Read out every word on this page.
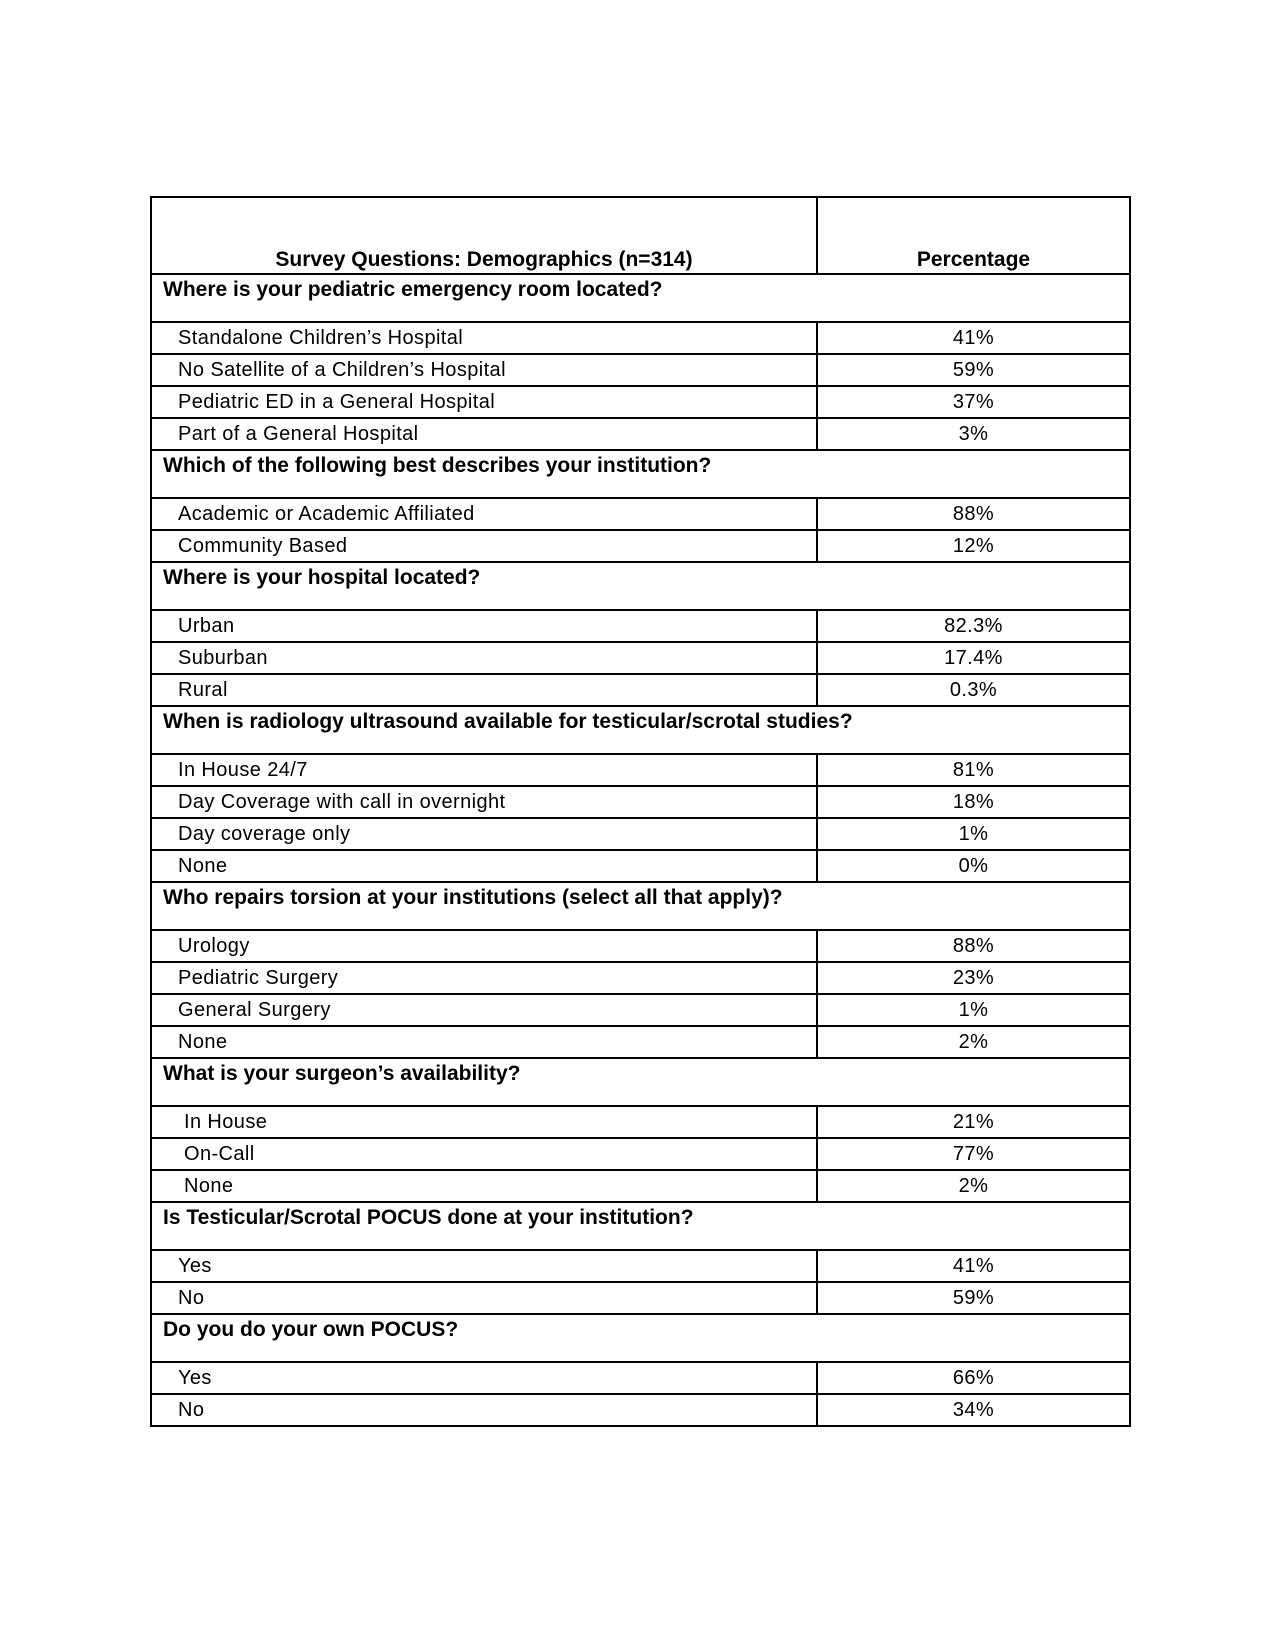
Survey Questions: Demographics (n=314)	Percentage
Where is your pediatric emergency room located?	
Standalone Children’s Hospital	41%
No Satellite of a Children’s Hospital	59%
Pediatric ED in a General Hospital	37%
Part of a General Hospital	3%
Which of the following best describes your institution?	
Academic or Academic Affiliated	88%
Community Based	12%
Where is your hospital located?	
Urban	82.3%
Suburban	17.4%
Rural	0.3%
When is radiology ultrasound available for testicular/scrotal studies?	
In House 24/7	81%
Day Coverage with call in overnight	18%
Day coverage only	1%
None	0%
Who repairs torsion at your institutions (select all that apply)?	
Urology	88%
Pediatric Surgery	23%
General Surgery	1%
None	2%
What is your surgeon’s availability?	
In House	21%
On-Call	77%
None	2%
Is Testicular/Scrotal POCUS done at your institution?	
Yes	41%
No	59%
Do you do your own POCUS?	
Yes	66%
No	34%
